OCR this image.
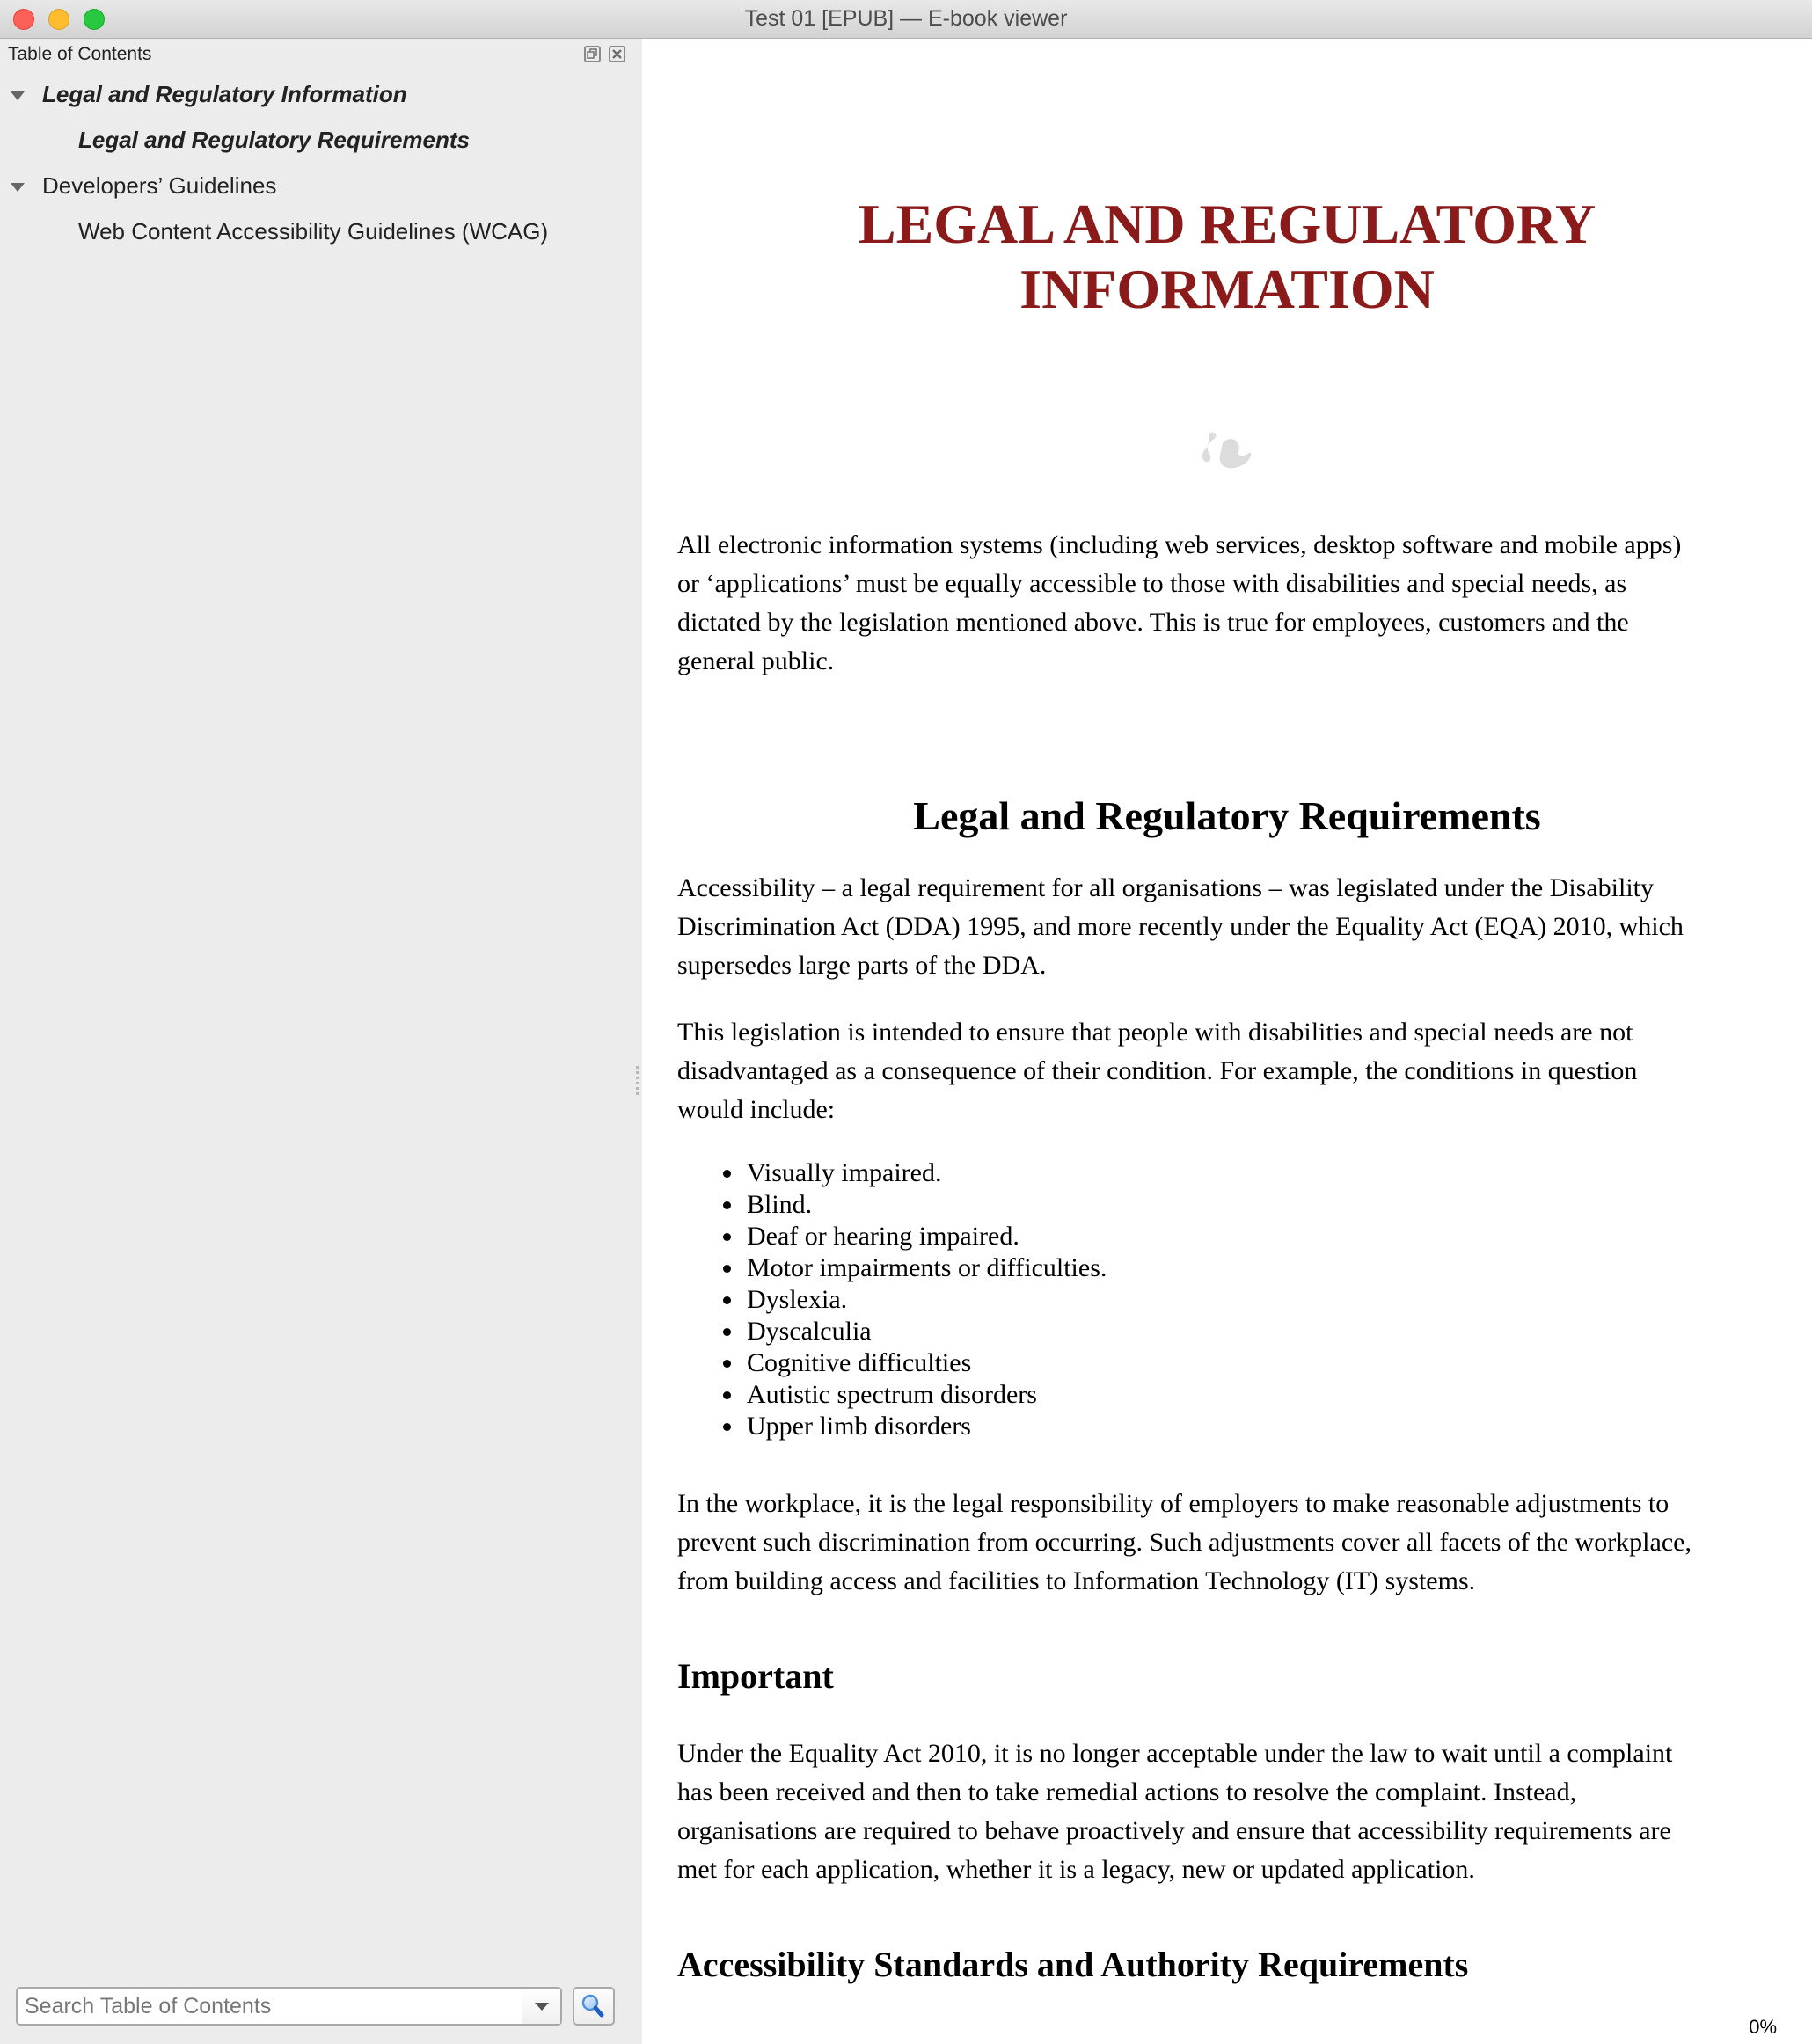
Test 01 [EPUB] — E-book viewer
Table of Contents
Legal and Regulatory Information
Legal and Regulatory Requirements
Developers’ Guidelines
Web Content Accessibility Guidelines (WCAG)
Search Table of Contents	LEGAL AND REGULATORY
INFORMATION
All electronic information systems (including web services, desktop software and mobile apps)
or ‘applications’ must be equally accessible to those with disabilities and special needs, as
dictated by the legislation mentioned above. This is true for employees, customers and the
general public.
Legal and Regulatory Requirements
Accessibility – a legal requirement for all organisations – was legislated under the Disability
Discrimination Act (DDA) 1995, and more recently under the Equality Act (EQA) 2010, which
supersedes large parts of the DDA.
This legislation is intended to ensure that people with disabilities and special needs are not
disadvantaged as a consequence of their condition. For example, the conditions in question
would include:
Visually impaired.
Blind.
Deaf or hearing impaired.
Motor impairments or difficulties.
Dyslexia.
Dyscalculia
Cognitive difficulties
Autistic spectrum disorders
Upper limb disorders
In the workplace, it is the legal responsibility of employers to make reasonable adjustments to
prevent such discrimination from occurring. Such adjustments cover all facets of the workplace,
from building access and facilities to Information Technology (IT) systems.
Important
Under the Equality Act 2010, it is no longer acceptable under the law to wait until a complaint
has been received and then to take remedial actions to resolve the complaint. Instead,
organisations are required to behave proactively and ensure that accessibility requirements are
met for each application, whether it is a legacy, new or updated application.
Accessibility Standards and Authority Requirements
0%
